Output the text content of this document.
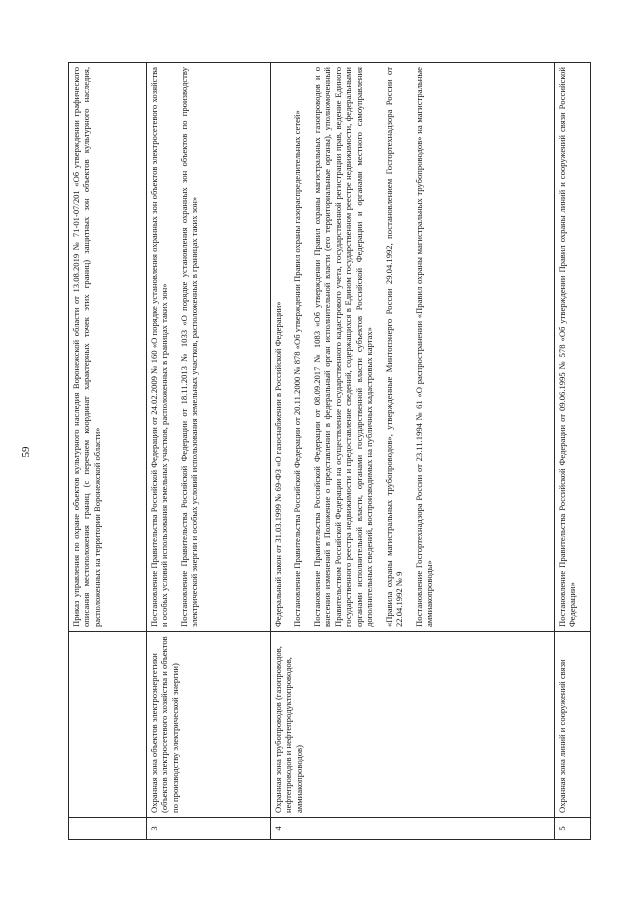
59

		Приказ управления по охране объектов культурного наследия Воронежской области от 13.08.2019 № 71-01-07/201 «Об утверждении графического описания местоположения границ (с перечнем координат характерных точек этих границ) защитных зон объектов культурного наследия, расположенных на территории Воронежской области»

3	Охранная зона объектов электроэнергетики (объектов электросетевого хозяйства и объектов по производству электрической энергии)	Постановление Правительства Российской Федерации от 24.02.2009 № 160 «О порядке установления охранных зон объектов электросетевого хозяйства и особых условий использования земельных участков, расположенных в границах таких зон» Постановление Правительства Российской Федерации от 18.11.2013 № 1033 «О порядке установления охранных зон объектов по производству электрической энергии и особых условий использования земельных участков, расположенных в границах таких зон»

4	Охранная зона трубопроводов (газопроводов, нефтепроводов и нефтепродуктопроводов, аммиакопроводов)	Федеральный закон от 31.03.1999 № 69-ФЗ «О газоснабжении в Российской Федерации» Постановление Правительства Российской Федерации от 20.11.2000 № 878 «Об утверждении Правил охраны газораспределительных сетей» Постановление Правительства Российской Федерации от 08.09.2017 № 1083 «Об утверждении Правил охраны магистральных газопроводов и о внесении изменений в Положение о представлении в федеральный орган исполнительной власти (его территориальные органы), уполномоченный Правительством Российской Федерации на осуществление государственного кадастрового учета, государственной регистрации прав, ведение Единого государственного реестра недвижимости и предоставление сведений, содержащихся в Едином государственном реестре недвижимости, федеральными органами исполнительной власти, органами государственной власти субъектов Российской Федерации и органами местного самоуправления дополнительных сведений, воспроизводимых на публичных кадастровых картах» «Правила охраны магистральных трубопроводов», утвержденные Минтопэнерго России 29.04.1992, постановлением Госгортехнадзора России от 22.04.1992 № 9 Постановление Госгортехнадзора России от 23.11.1994 № 61 «О распространении «Правил охраны магистральных трубопроводов» на магистральные аммиакопроводы»

5	Охранная зона линий и сооружений связи	Постановление Правительства Российской Федерации от 09.06.1995 № 578 «Об утверждении Правил охраны линий и сооружений связи Российской Федерации»
